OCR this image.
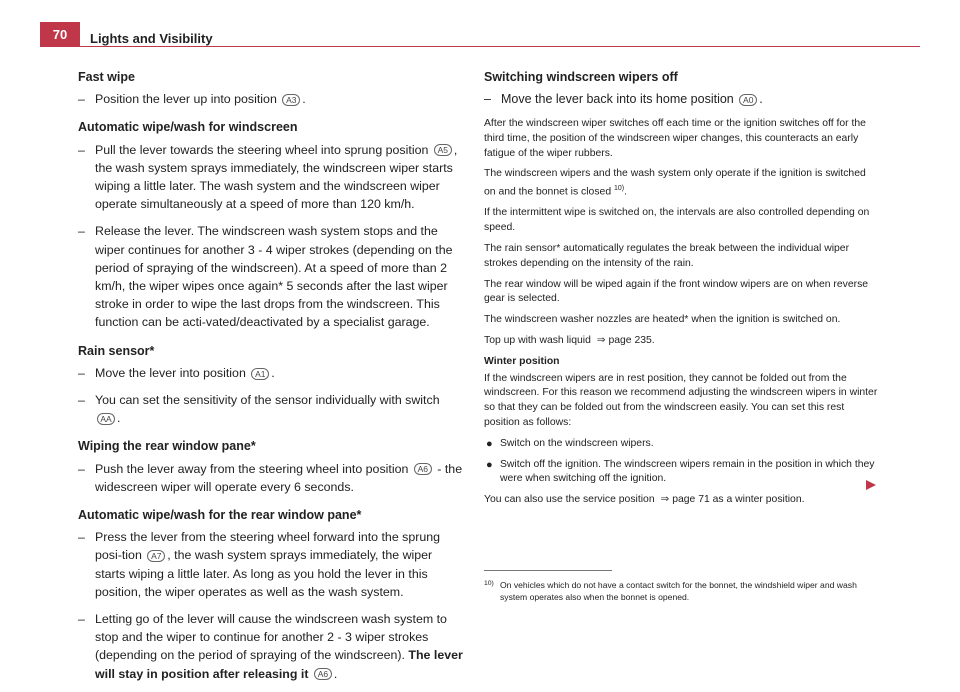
70 Lights and Visibility
Fast wipe
– Position the lever up into position A3 .
Automatic wipe/wash for windscreen
– Pull the lever towards the steering wheel into sprung position A5 , the wash system sprays immediately, the windscreen wiper starts wiping a little later. The wash system and the windscreen wiper operate simultaneously at a speed of more than 120 km/h.
– Release the lever. The windscreen wash system stops and the wiper continues for another 3 - 4 wiper strokes (depending on the period of spraying of the windscreen). At a speed of more than 2 km/h, the wiper wipes once again* 5 seconds after the last wiper stroke in order to wipe the last drops from the windscreen. This function can be acti-vated/deactivated by a specialist garage.
Rain sensor*
– Move the lever into position A1 .
– You can set the sensitivity of the sensor individually with switch AA .
Wiping the rear window pane*
– Push the lever away from the steering wheel into position A6 - the widescreen wiper will operate every 6 seconds.
Automatic wipe/wash for the rear window pane*
– Press the lever from the steering wheel forward into the sprung posi-tion A7 , the wash system sprays immediately, the wiper starts wiping a little later. As long as you hold the lever in this position, the wiper operates as well as the wash system.
– Letting go of the lever will cause the windscreen wash system to stop and the wiper to continue for another 2 - 3 wiper strokes (depending on the period of spraying of the windscreen). The lever will stay in position after releasing it A6 .
Switching windscreen wipers off
– Move the lever back into its home position A0 .

After the windscreen wiper switches off each time or the ignition switches off for the third time, the position of the windscreen wiper changes, this counteracts an early fatigue of the wiper rubbers.

The windscreen wipers and the wash system only operate if the ignition is switched on and the bonnet is closed $^{10)}$.

If the intermittent wipe is switched on, the intervals are also controlled depending on speed.

The rain sensor* automatically regulates the break between the individual wiper strokes depending on the intensity of the rain.

The rear window will be wiped again if the front window wipers are on when reverse gear is selected.

The windscreen washer nozzles are heated* when the ignition is switched on.

Top up with wash liquid ⇒ page 235.

Winter position

If the windscreen wipers are in rest position, they cannot be folded out from the windscreen. For this reason we recommend adjusting the windscreen wipers in winter so that they can be folded out from the windscreen easily. You can set this rest position as follows:

● Switch on the windscreen wipers.
● Switch off the ignition. The windscreen wipers remain in the position in which they were when switching off the ignition.

You can also use the service position ⇒ page 71 as a winter position.

10) On vehicles which do not have a contact switch for the bonnet, the windshield wiper and wash system operates also when the bonnet is opened.
